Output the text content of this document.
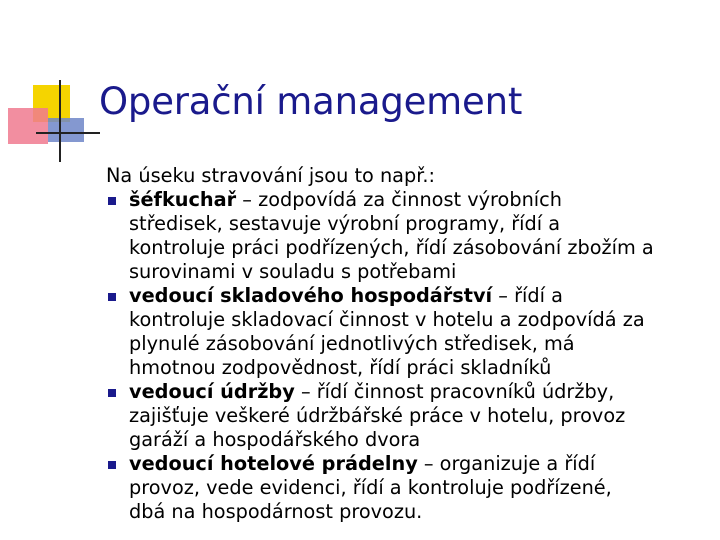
Operační management

Na úseku stravování jsou to např.:

šéfkuchař – zodpovídá za činnost výrobních
středisek, sestavuje výrobní programy, řídí a
kontroluje práci podřízených, řídí zásobování zbožím a
surovinami v souladu s potřebami
vedoucí skladového hospodářství – řídí a
kontroluje skladovací činnost v hotelu a zodpovídá za
plynulé zásobování jednotlivých středisek, má
hmotnou zodpovědnost, řídí práci skladníků
vedoucí údržby – řídí činnost pracovníků údržby,
zajišťuje veškeré údržbářské práce v hotelu, provoz
garáží a hospodářského dvora
vedoucí hotelové prádelny – organizuje a řídí
provoz, vede evidenci, řídí a kontroluje podřízené,
dbá na hospodárnost provozu.
